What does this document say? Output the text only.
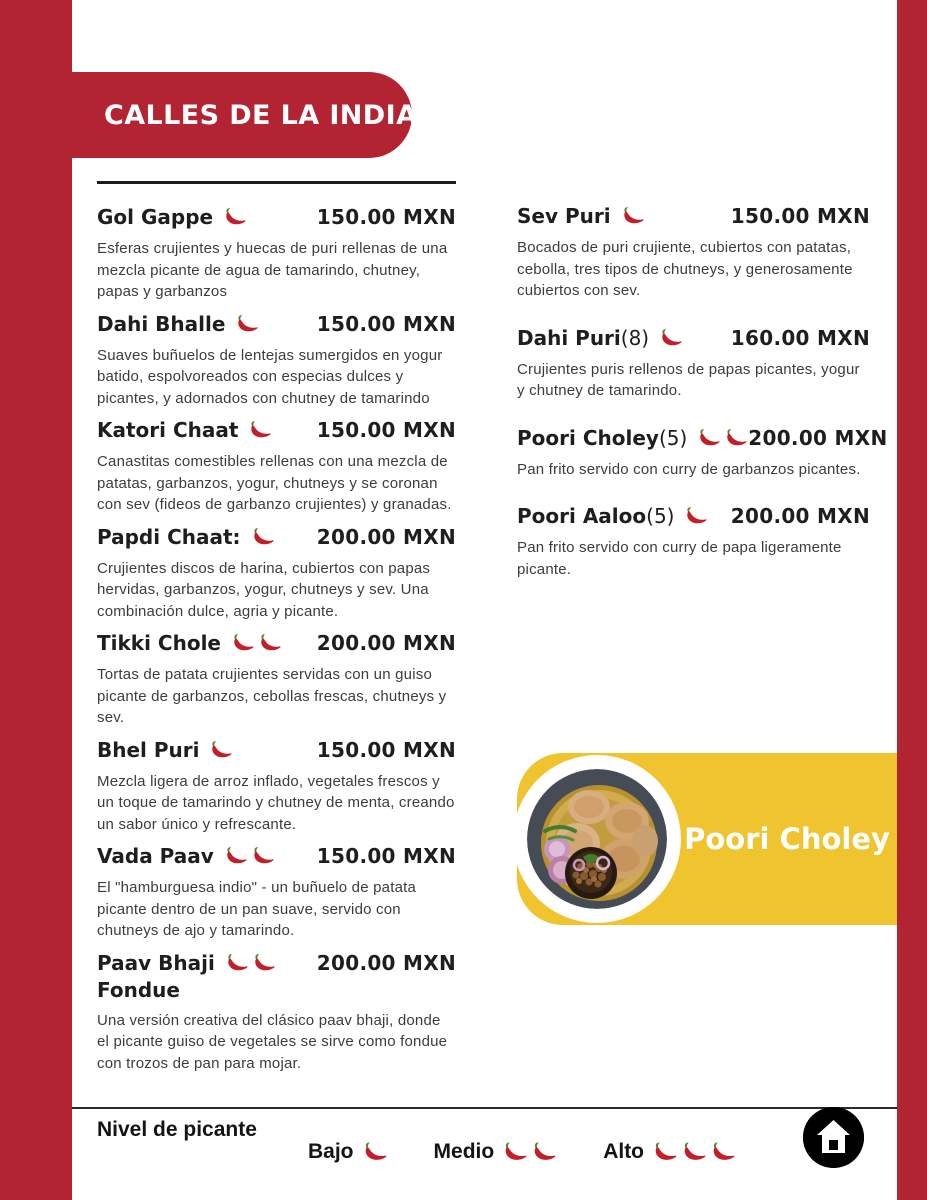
CALLES DE LA INDIA
Gol Gappe	150.00 MXN

Esferas crujientes y huecas de puri rellenas de una mezcla picante de agua de tamarindo, chutney, papas y garbanzos

Dahi Bhalle	150.00 MXN

Suaves buñuelos de lentejas sumergidos en yogur batido, espolvoreados con especias dulces y picantes, y adornados con chutney de tamarindo

Katori Chaat	150.00 MXN

Canastitas comestibles rellenas con una mezcla de patatas, garbanzos, yogur, chutneys y se coronan con sev (fideos de garbanzo crujientes) y granadas.

Papdi Chaat:	200.00 MXN

Crujientes discos de harina, cubiertos con papas hervidas, garbanzos, yogur, chutneys y sev. Una combinación dulce, agria y picante.

Tikki Chole	200.00 MXN

Tortas de patata crujientes servidas con un guiso picante de garbanzos, cebollas frescas, chutneys y sev.

Bhel Puri	150.00 MXN

Mezcla ligera de arroz inflado, vegetales frescos y un toque de tamarindo y chutney de menta, creando un sabor único y refrescante.

Vada Paav	150.00 MXN

El "hamburguesa indio" - un buñuelo de patata picante dentro de un pan suave, servido con chutneys de ajo y tamarindo.

Paav Bhaji	200.00 MXN
Fondue

Una versión creativa del clásico paav bhaji, donde el picante guiso de vegetales se sirve como fondue con trozos de pan para mojar.

Sev Puri	150.00 MXN

Bocados de puri crujiente, cubiertos con patatas, cebolla, tres tipos de chutneys, y generosamente cubiertos con sev.

Dahi Puri (8)	160.00 MXN

Crujientes puris rellenos de papas picantes, yogur y chutney de tamarindo.

Poori Choley (5)	200.00 MXN

Pan frito servido con curry de garbanzos picantes.

Poori Aaloo (5)	200.00 MXN

Pan frito servido con curry de papa ligeramente picante.

Poori Choley
Nivel de picante
Bajo	Medio	Alto
